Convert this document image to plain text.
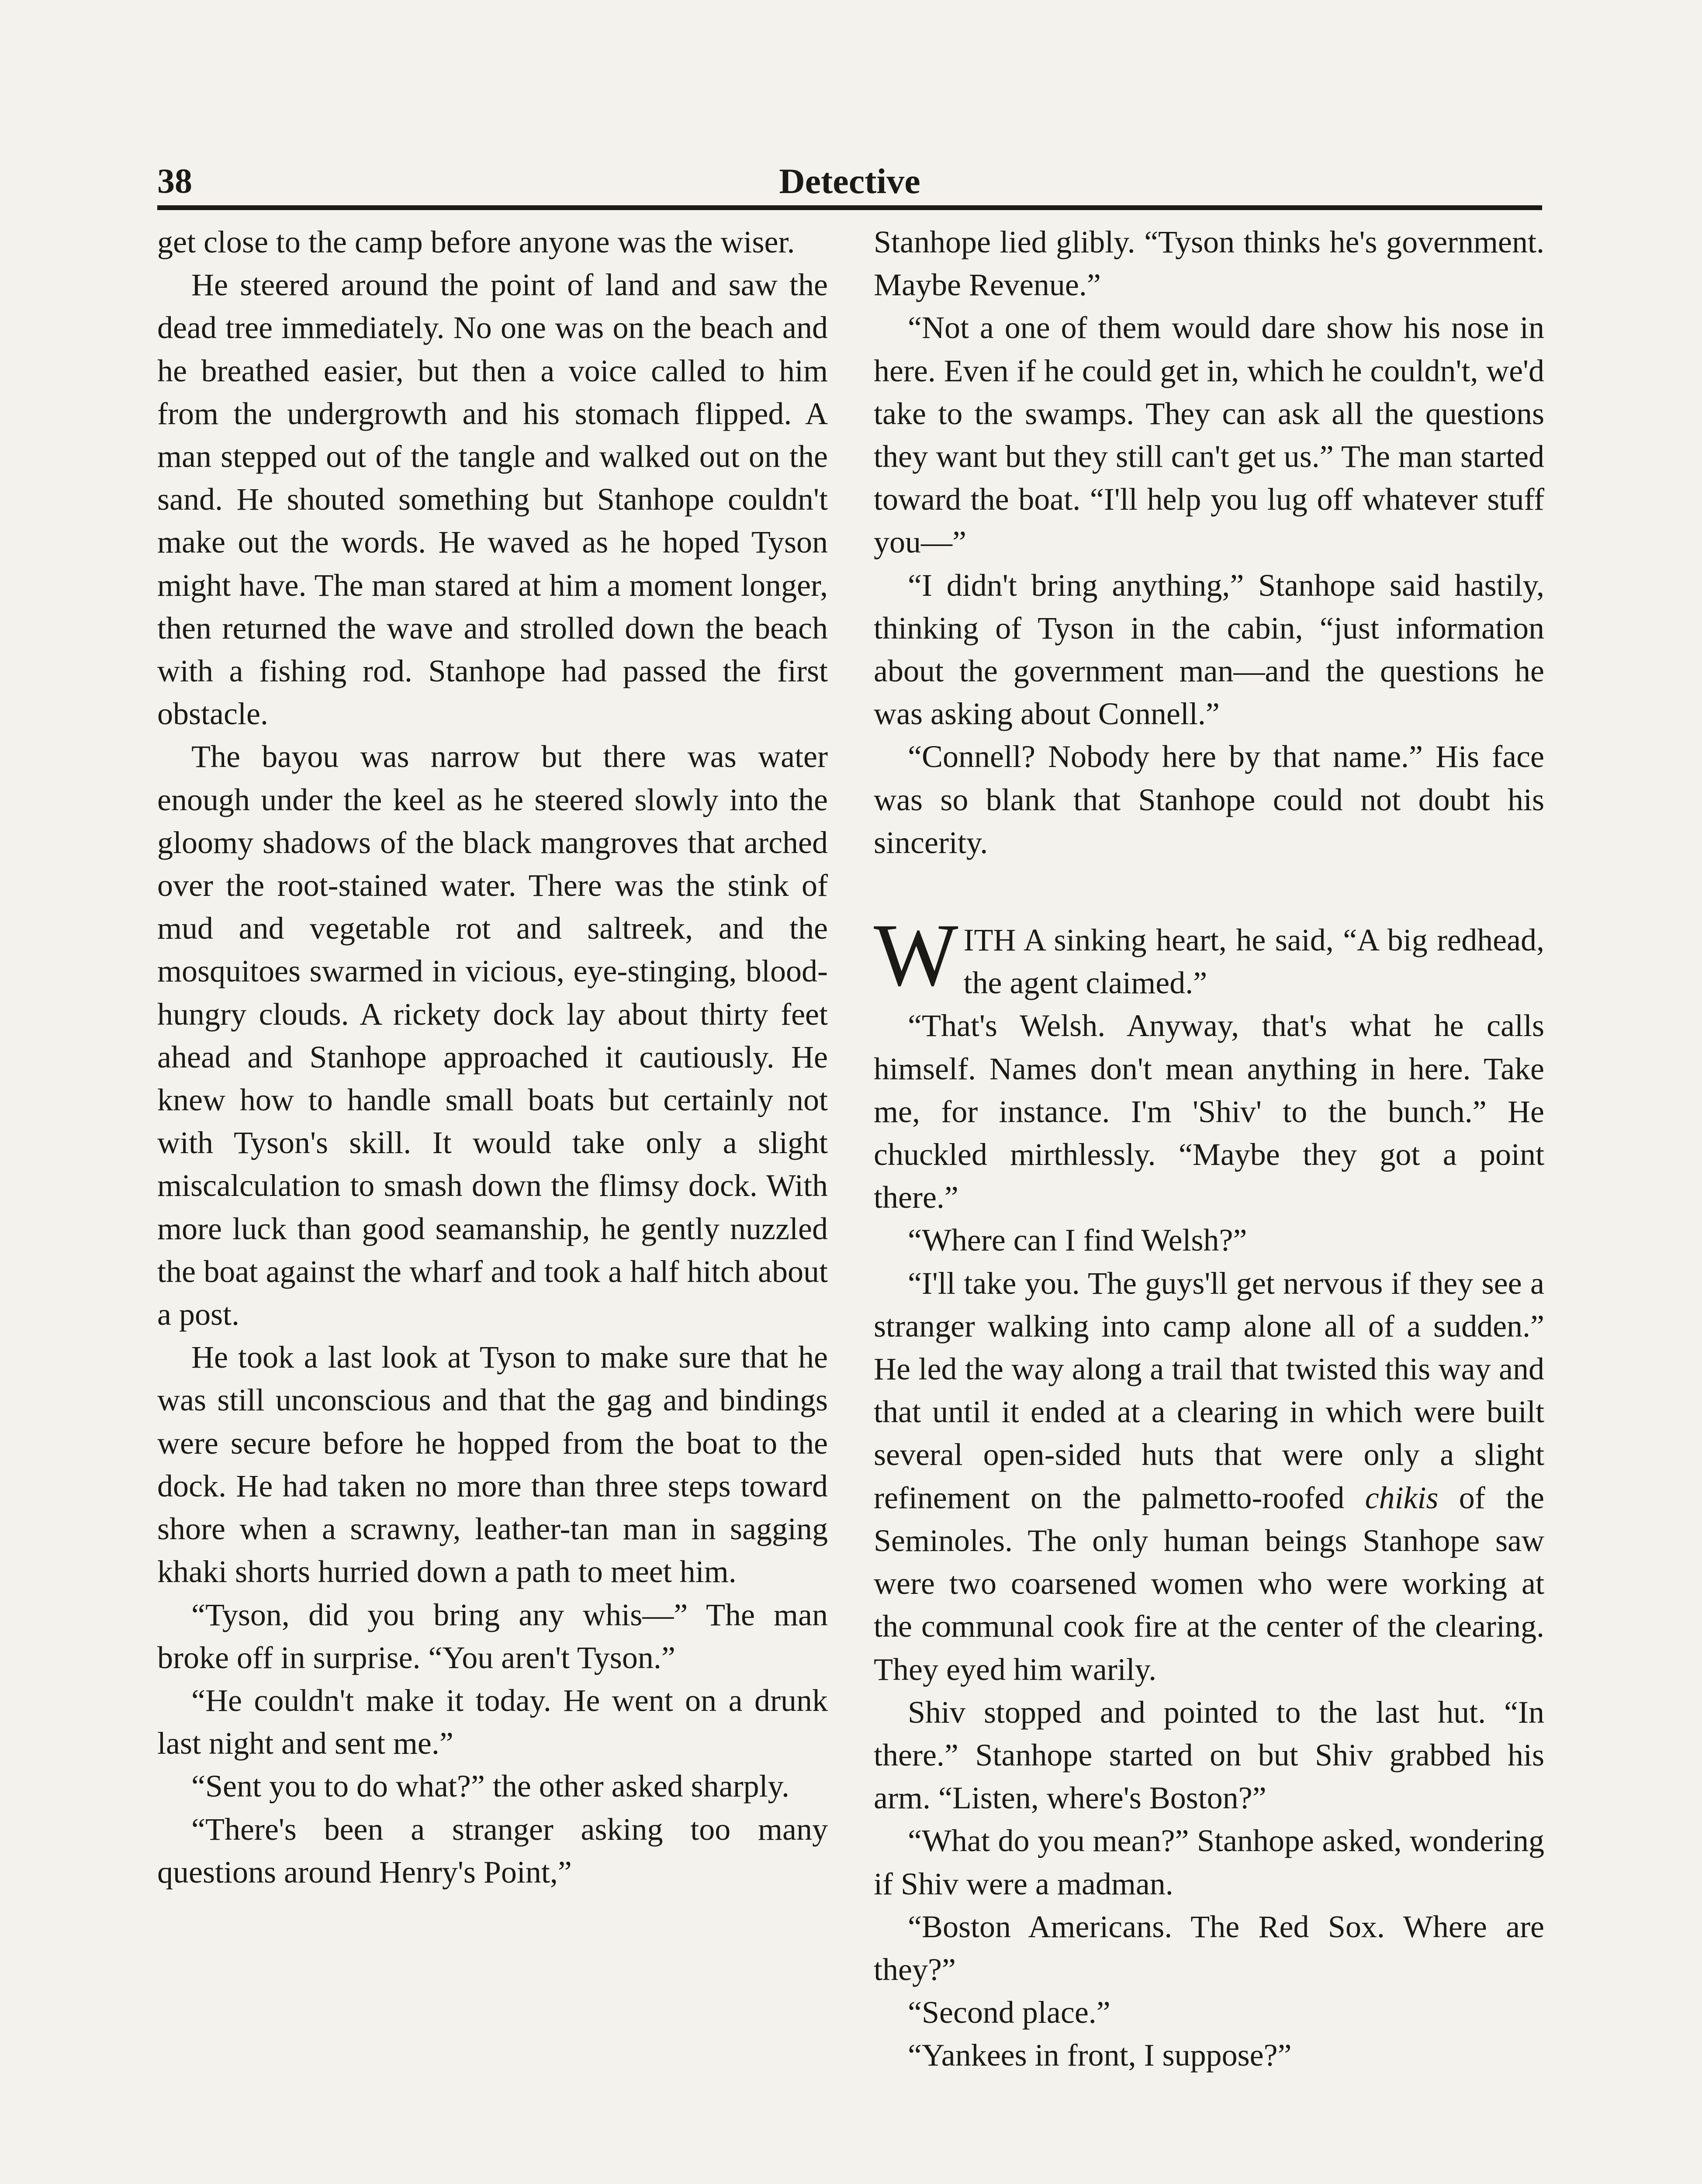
38	Detective

get close to the camp before anyone was the wiser.

He steered around the point of land and saw the dead tree immediately. No one was on the beach and he breathed easier, but then a voice called to him from the undergrowth and his stomach flipped. A man stepped out of the tangle and walked out on the sand. He shouted something but Stanhope couldn't make out the words. He waved as he hoped Tyson might have. The man stared at him a moment longer, then returned the wave and strolled down the beach with a fishing rod. Stanhope had passed the first obstacle.

The bayou was narrow but there was water enough under the keel as he steered slowly into the gloomy shadows of the black mangroves that arched over the root-stained water. There was the stink of mud and vegetable rot and saltreek, and the mosquitoes swarmed in vicious, eye-stinging, blood-hungry clouds. A rickety dock lay about thirty feet ahead and Stanhope approached it cautiously. He knew how to handle small boats but certainly not with Tyson's skill. It would take only a slight miscalculation to smash down the flimsy dock. With more luck than good seamanship, he gently nuzzled the boat against the wharf and took a half hitch about a post.

He took a last look at Tyson to make sure that he was still unconscious and that the gag and bindings were secure before he hopped from the boat to the dock. He had taken no more than three steps toward shore when a scrawny, leather-tan man in sagging khaki shorts hurried down a path to meet him.

“Tyson, did you bring any whis—” The man broke off in surprise. “You aren't Tyson.”

“He couldn't make it today. He went on a drunk last night and sent me.”

“Sent you to do what?” the other asked sharply.

“There's been a stranger asking too many questions around Henry's Point,”

Stanhope lied glibly. “Tyson thinks he's government. Maybe Revenue.”

“Not a one of them would dare show his nose in here. Even if he could get in, which he couldn't, we'd take to the swamps. They can ask all the questions they want but they still can't get us.” The man started toward the boat. “I'll help you lug off whatever stuff you—”

“I didn't bring anything,” Stanhope said hastily, thinking of Tyson in the cabin, “just information about the government man—and the questions he was asking about Connell.”

“Connell? Nobody here by that name.” His face was so blank that Stanhope could not doubt his sincerity.

WITH A sinking heart, he said, “A big redhead, the agent claimed.”

“That's Welsh. Anyway, that's what he calls himself. Names don't mean anything in here. Take me, for instance. I'm 'Shiv' to the bunch.” He chuckled mirthlessly. “Maybe they got a point there.”

“Where can I find Welsh?”

“I'll take you. The guys'll get nervous if they see a stranger walking into camp alone all of a sudden.” He led the way along a trail that twisted this way and that until it ended at a clearing in which were built several open-sided huts that were only a slight refinement on the palmetto-roofed chikis of the Seminoles. The only human beings Stanhope saw were two coarsened women who were working at the communal cook fire at the center of the clearing. They eyed him warily.

Shiv stopped and pointed to the last hut. “In there.” Stanhope started on but Shiv grabbed his arm. “Listen, where's Boston?”

“What do you mean?” Stanhope asked, wondering if Shiv were a madman.

“Boston Americans. The Red Sox. Where are they?”

“Second place.”

“Yankees in front, I suppose?”
